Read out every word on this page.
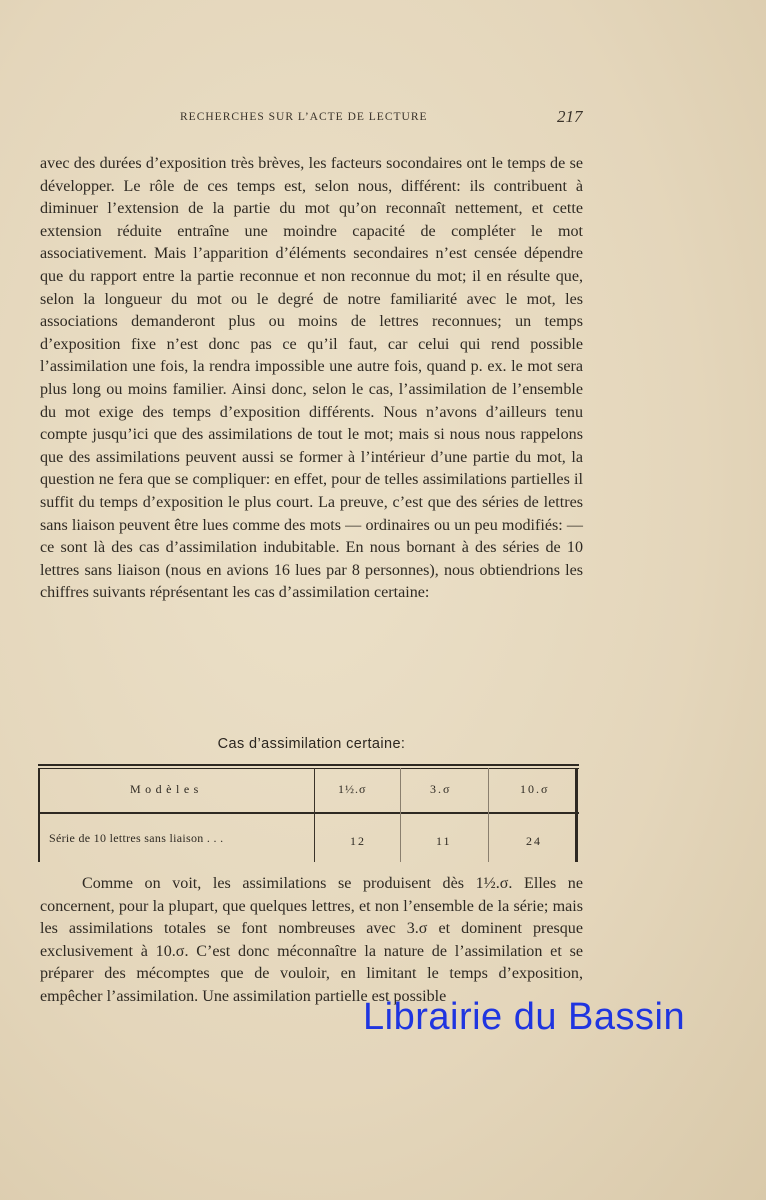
RECHERCHES SUR L’ACTE DE LECTURE	217

avec des durées d’exposition très brèves, les facteurs socondaires ont le temps de se développer. Le rôle de ces temps est, selon nous, différent: ils contribuent à diminuer l’extension de la partie du mot qu’on reconnaît nettement, et cette extension réduite entraîne une moindre capacité de compléter le mot associativement. Mais l’apparition d’éléments secondaires n’est censée dépendre que du rapport entre la partie reconnue et non reconnue du mot; il en résulte que, selon la longueur du mot ou le degré de notre familiarité avec le mot, les associations demanderont plus ou moins de lettres reconnues; un temps d’exposition fixe n’est donc pas ce qu’il faut, car celui qui rend possible l’assimilation une fois, la rendra impossible une autre fois, quand p. ex. le mot sera plus long ou moins familier. Ainsi donc, selon le cas, l’assimilation de l’ensemble du mot exige des temps d’exposition différents. Nous n’avons d’ailleurs tenu compte jusqu’ici que des assimilations de tout le mot; mais si nous nous rappelons que des assimilations peuvent aussi se former à l’intérieur d’une partie du mot, la question ne fera que se compliquer: en effet, pour de telles assimilations partielles il suffit du temps d’exposition le plus court. La preuve, c’est que des séries de lettres sans liaison peuvent être lues comme des mots — ordinaires ou un peu modifiés: — ce sont là des cas d’assimilation indubitable. En nous bornant à des séries de 10 lettres sans liaison (nous en avions 16 lues par 8 personnes), nous obtiendrions les chiffres suivants réprésentant les cas d’assimilation certaine:

Cas d’assimilation certaine:
Modèles	1½.σ	3.σ	10.σ
Série de 10 lettres sans liaison . . .	12	11	24

Comme on voit, les assimilations se produisent dès 1½.σ. Elles ne concernent, pour la plupart, que quelques lettres, et non l’ensemble de la série; mais les assimilations totales se font nombreuses avec 3.σ et dominent presque exclusivement à 10.σ. C’est donc méconnaître la nature de l’assimilation et se préparer des mécomptes que de vouloir, en limitant le temps d’exposition, empêcher l’assimilation. Une assimilation partielle est possible

Librairie du Bassin
